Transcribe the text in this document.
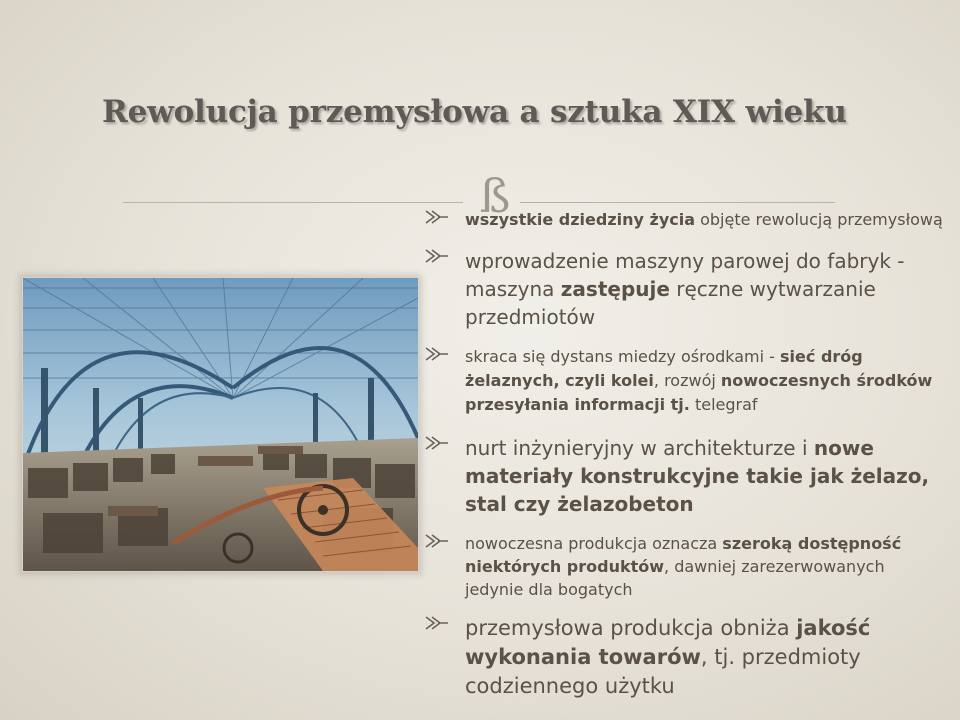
Rewolucja przemysłowa a sztuka XIX wieku
ß
wszystkie dziedziny życia objęte rewolucją przemysłową
wprowadzenie maszyny parowej do fabryk - maszyna zastępuje ręczne wytwarzanie przedmiotów
skraca się dystans miedzy ośrodkami - sieć dróg żelaznych, czyli kolei, rozwój nowoczesnych środków przesyłania informacji tj. telegraf
nurt inżynieryjny w architekturze i nowe materiały konstrukcyjne takie jak żelazo, stal czy żelazobeton
nowoczesna produkcja oznacza szeroką dostępność niektórych produktów, dawniej zarezerwowanych jedynie dla bogatych
przemysłowa produkcja obniża jakość wykonania towarów, tj. przedmioty codziennego użytku
